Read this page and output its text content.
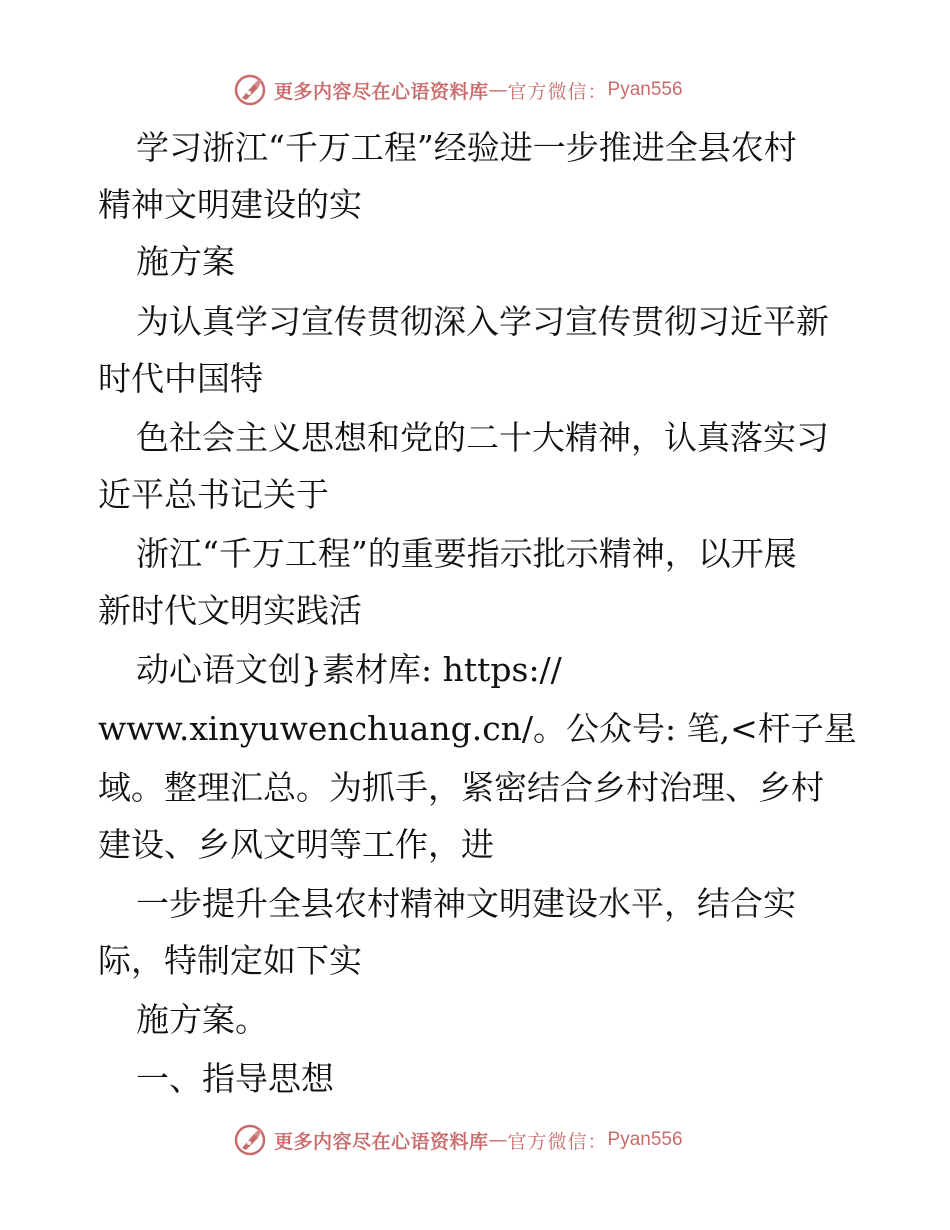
更多内容尽在心语资料库 — 官方微信： Pyan556
学习浙江“千万工程”经验进一步推进全县农村
精神文明建设的实
施方案
为认真学习宣传贯彻深入学习宣传贯彻习近平新
时代中国特
色社会主义思想和党的二十大精神，认真落实习
近平总书记关于
浙江“千万工程”的重要指示批示精神，以开展
新时代文明实践活
动心语文创}素材库: https://
www.xinyuwenchuang.cn/。公众号: 笔,<杆子星
域。整理汇总。为抓手，紧密结合乡村治理、乡村
建设、乡风文明等工作，进
一步提升全县农村精神文明建设水平，结合实
际，特制定如下实
施方案。
一、指导思想
更多内容尽在心语资料库 — 官方微信： Pyan556
